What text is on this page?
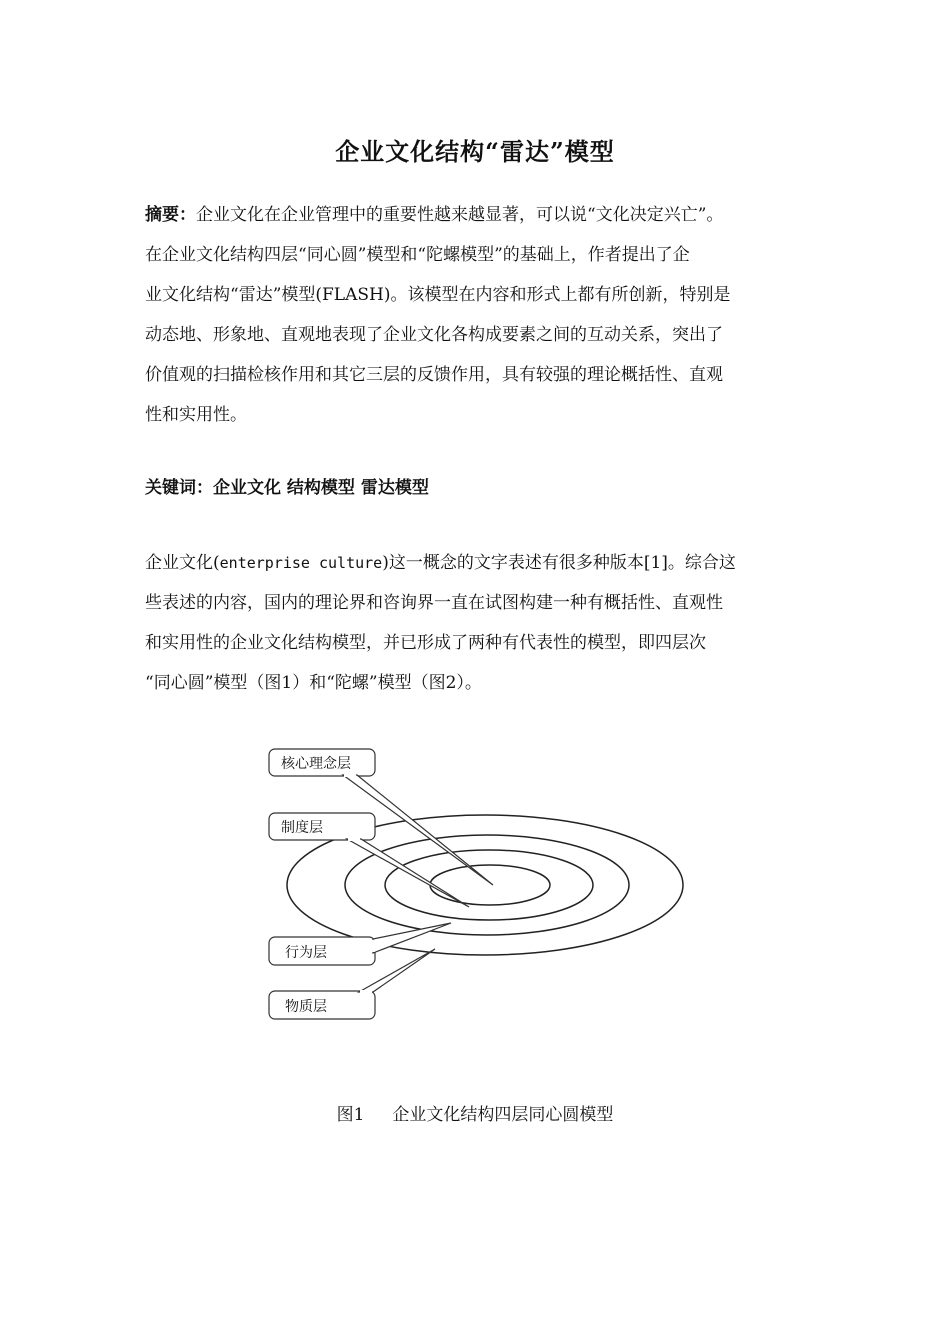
企业文化结构“雷达”模型
摘要：企业文化在企业管理中的重要性越来越显著，可以说“文化决定兴亡”。
在企业文化结构四层“同心圆”模型和“陀螺模型”的基础上，作者提出了企
业文化结构“雷达”模型(FLASH)。该模型在内容和形式上都有所创新，特别是
动态地、形象地、直观地表现了企业文化各构成要素之间的互动关系，突出了
价值观的扫描检核作用和其它三层的反馈作用，具有较强的理论概括性、直观
性和实用性。
关键词：企业文化 结构模型 雷达模型
企业文化(enterprise culture)这一概念的文字表述有很多种版本[1]。综合这
些表述的内容，国内的理论界和咨询界一直在试图构建一种有概括性、直观性
和实用性的企业文化结构模型，并已形成了两种有代表性的模型，即四层次
“同心圆”模型（图1）和“陀螺”模型（图2）。
核心理念层
制度层
行为层
物质层
图1 企业文化结构四层同心圆模型
